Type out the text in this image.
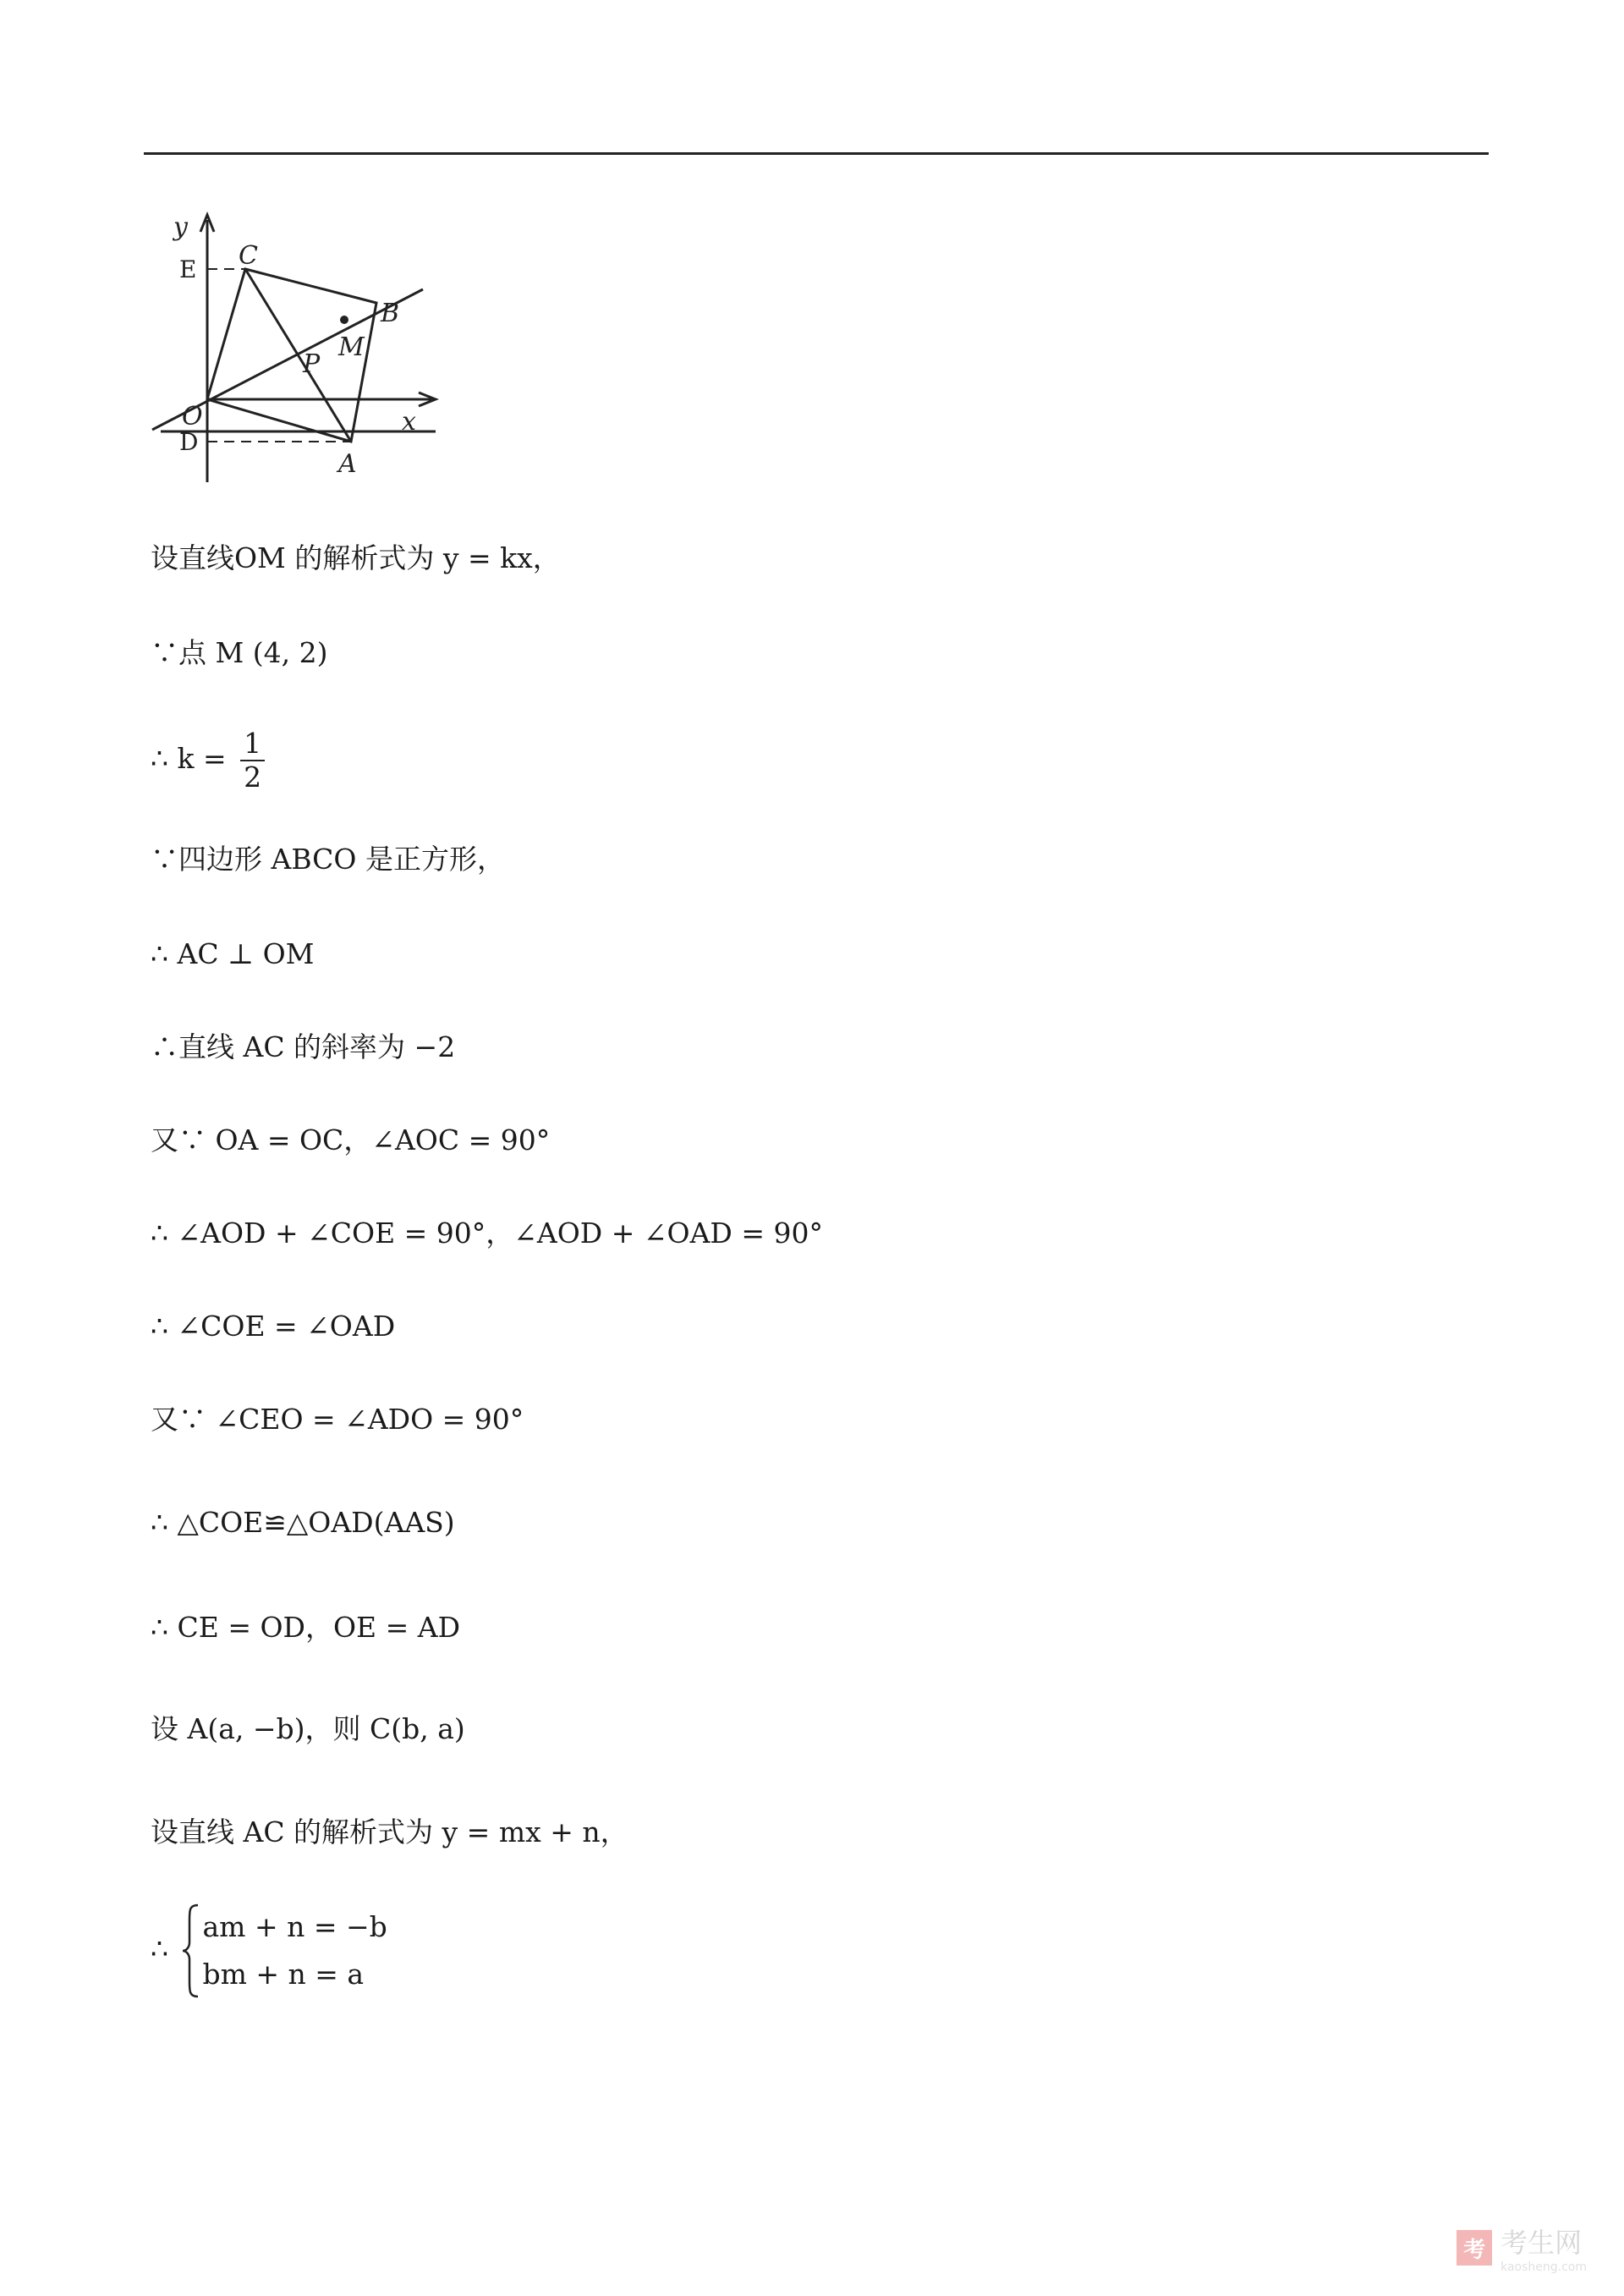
y
x
C
B
M
P
O
A
E
D
设直线OM 的解析式为 y = kx，
∵点 M (4, 2)
∴ $k = \frac{1}{2}$
∵四边形 ABCO 是正方形，
∴ AC ⊥ OM
∴直线 AC 的斜率为 −2
又∵ OA = OC，∠AOC = 90°
∴ ∠AOD + ∠COE = 90°，∠AOD + ∠OAD = 90°
∴ ∠COE = ∠OAD
又∵ ∠CEO = ∠ADO = 90°
∴ △COE≌△OAD(AAS)
∴ CE = OD，OE = AD
设 A(a, −b)，则 C(b, a)
设直线 AC 的解析式为 y = mx + n，
∴
am + n = −b
bm + n = a
考 考生网
kaosheng.com
